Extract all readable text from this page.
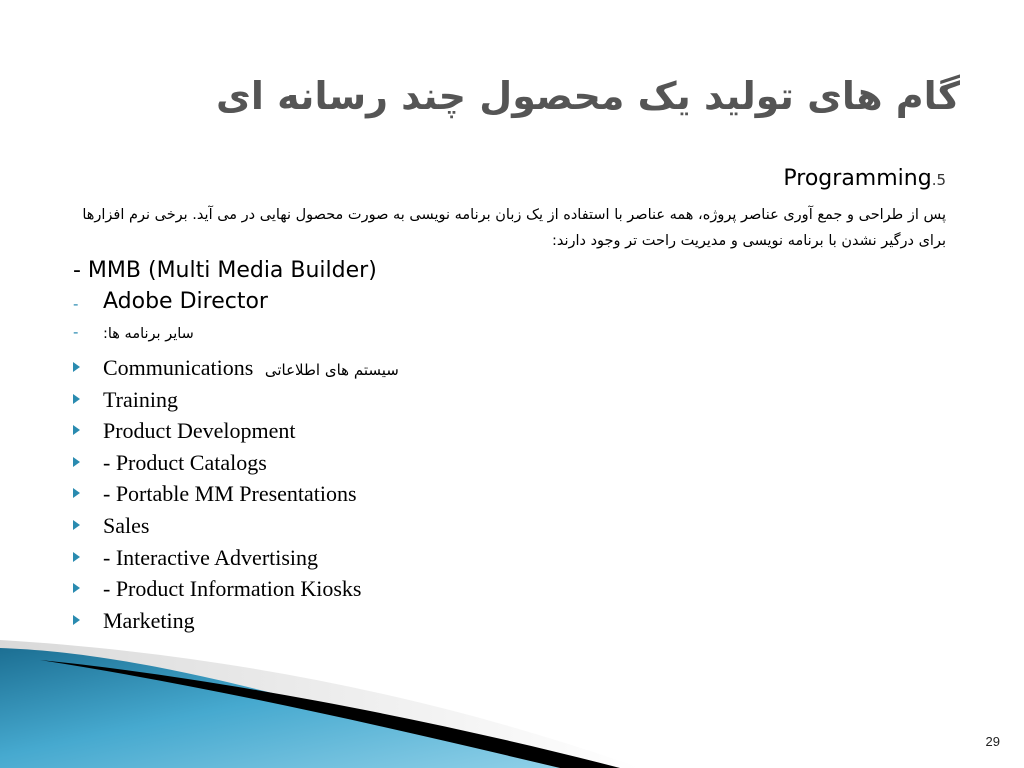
گام های تولید یک محصول چند رسانه ای
Programming.5
پس از طراحی و جمع آوری عناصر پروژه، همه عناصر با استفاده از یک زبان برنامه نویسی به صورت محصول نهایی در می آید. برخی نرم افزارها برای درگیر نشدن با برنامه نویسی و مدیریت راحت تر وجود دارند:
- MMB (Multi Media Builder)
- Adobe Director
- سایر برنامه ها:
Communications سیستم های اطلاعاتی
Training
Product Development
- Product Catalogs
- Portable MM Presentations
Sales
- Interactive Advertising
- Product Information Kiosks
Marketing
29
